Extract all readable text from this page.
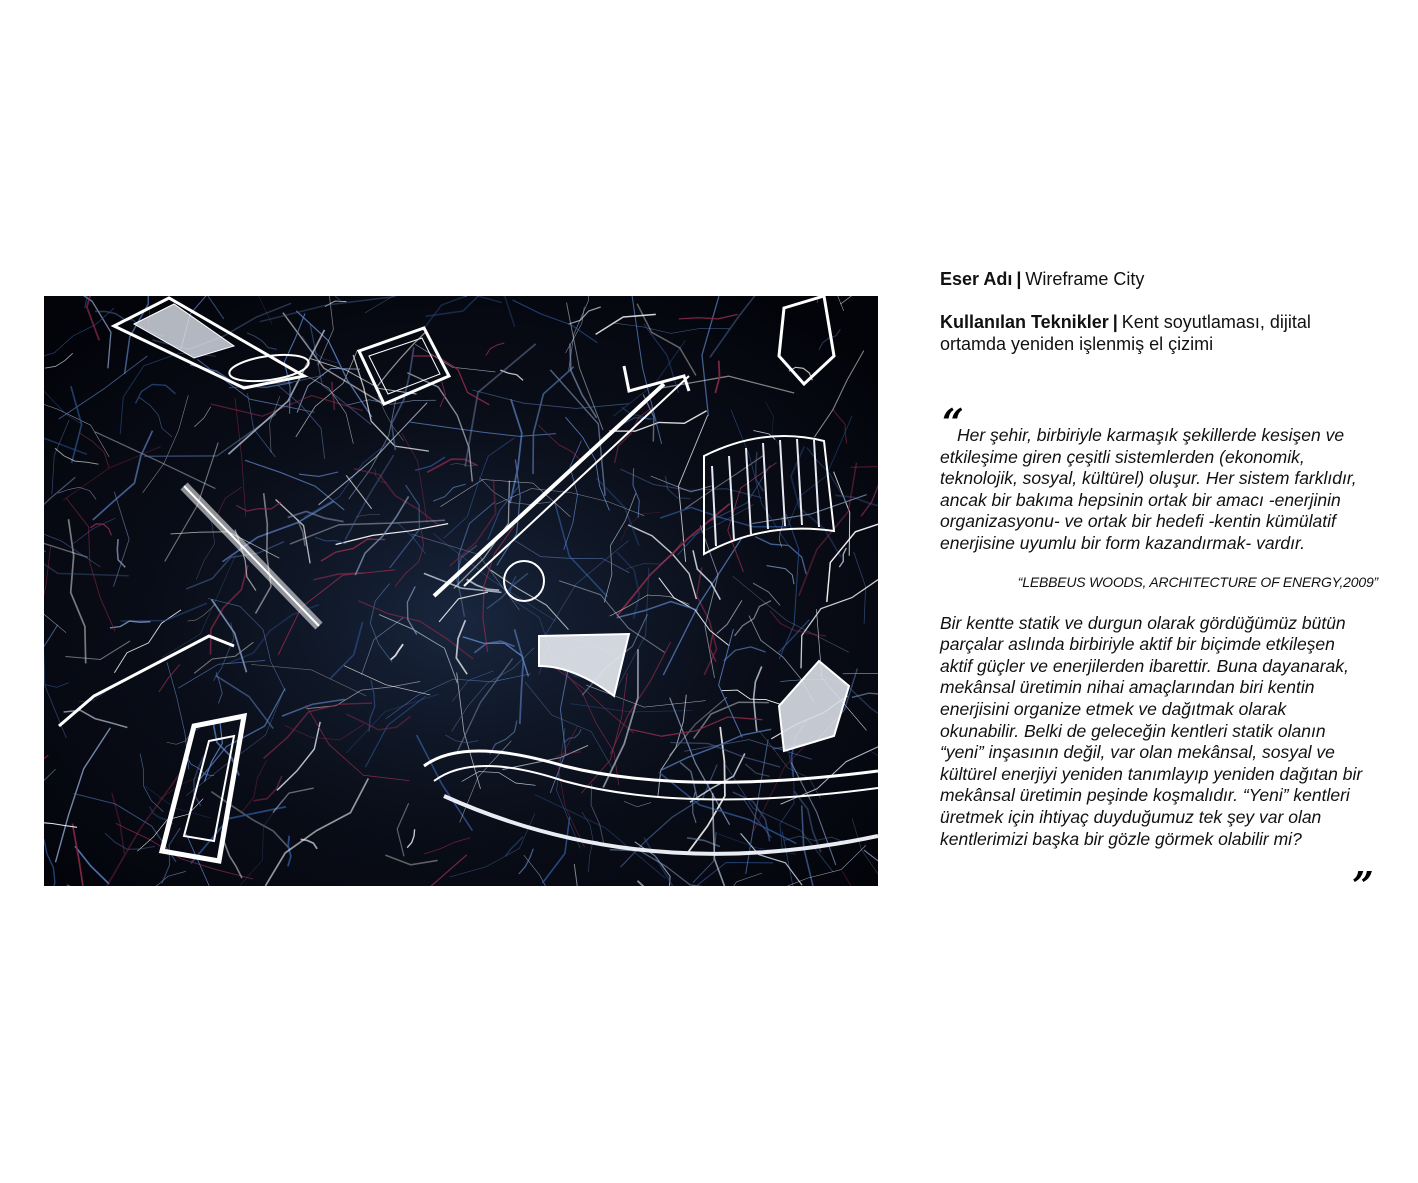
Eser Adı | Wireframe City

Kullanılan Teknikler | Kent soyutlaması, dijital ortamda yeniden işlenmiş el çizimi

“

Her şehir, birbiriyle karmaşık şekillerde kesişen ve etkileşime giren çeşitli sistemlerden (ekonomik, teknolojik, sosyal, kültürel) oluşur. Her sistem farklıdır, ancak bir bakıma hepsinin ortak bir amacı -enerjinin organizasyonu- ve ortak bir hedefi -kentin kümülatif enerjisine uyumlu bir form kazandırmak- vardır.

“LEBBEUS WOODS, ARCHITECTURE OF ENERGY,2009”

Bir kentte statik ve durgun olarak gördüğümüz bütün parçalar aslında birbiriyle aktif bir biçimde etkileşen aktif güçler ve enerjilerden ibarettir. Buna dayanarak, mekânsal üretimin nihai amaçlarından biri kentin enerjisini organize etmek ve dağıtmak olarak okunabilir. Belki de geleceğin kentleri statik olanın “yeni” inşasının değil, var olan mekânsal, sosyal ve kültürel enerjiyi yeniden tanımlayıp yeniden dağıtan bir mekânsal üretimin peşinde koşmalıdır. “Yeni” kentleri üretmek için ihtiyaç duyduğumuz tek şey var olan kentlerimizi başka bir gözle görmek olabilir mi?

”
